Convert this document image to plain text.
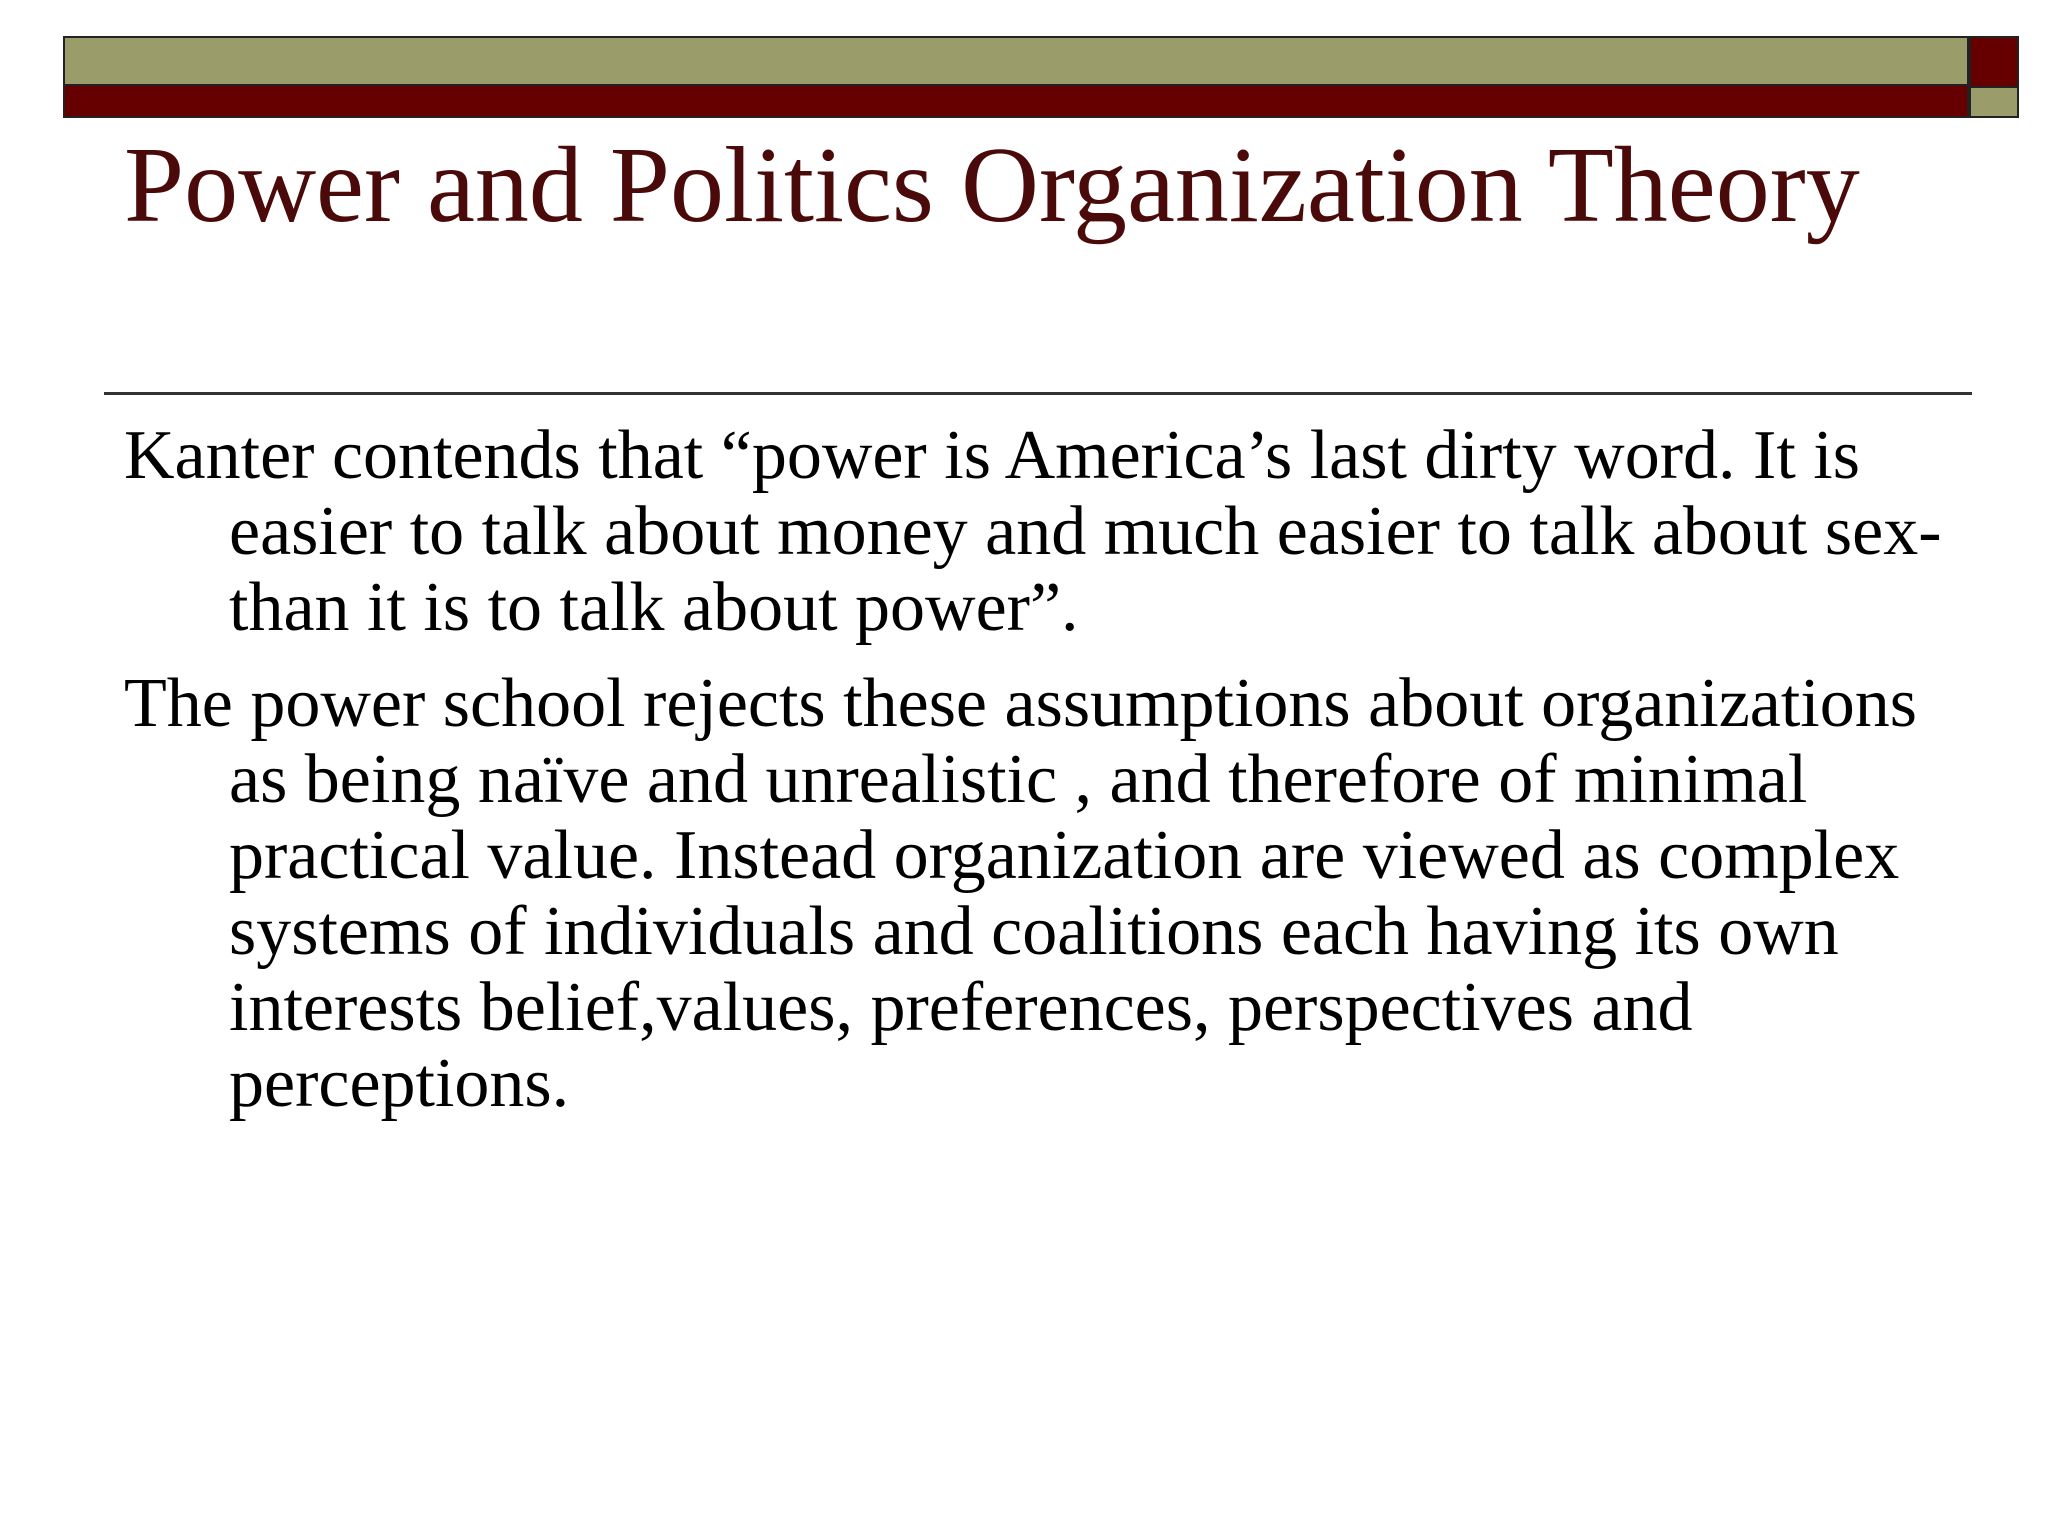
Power and Politics Organization Theory

Kanter contends that “power is America’s last dirty word. It is easier to talk about money and much easier to talk about sex- than it is to talk about power”.

The power school rejects these assumptions about organizations as being naïve and unrealistic , and therefore of minimal practical value. Instead organization are viewed as complex systems of individuals and coalitions each having its own interests belief,values, preferences, perspectives and perceptions.
